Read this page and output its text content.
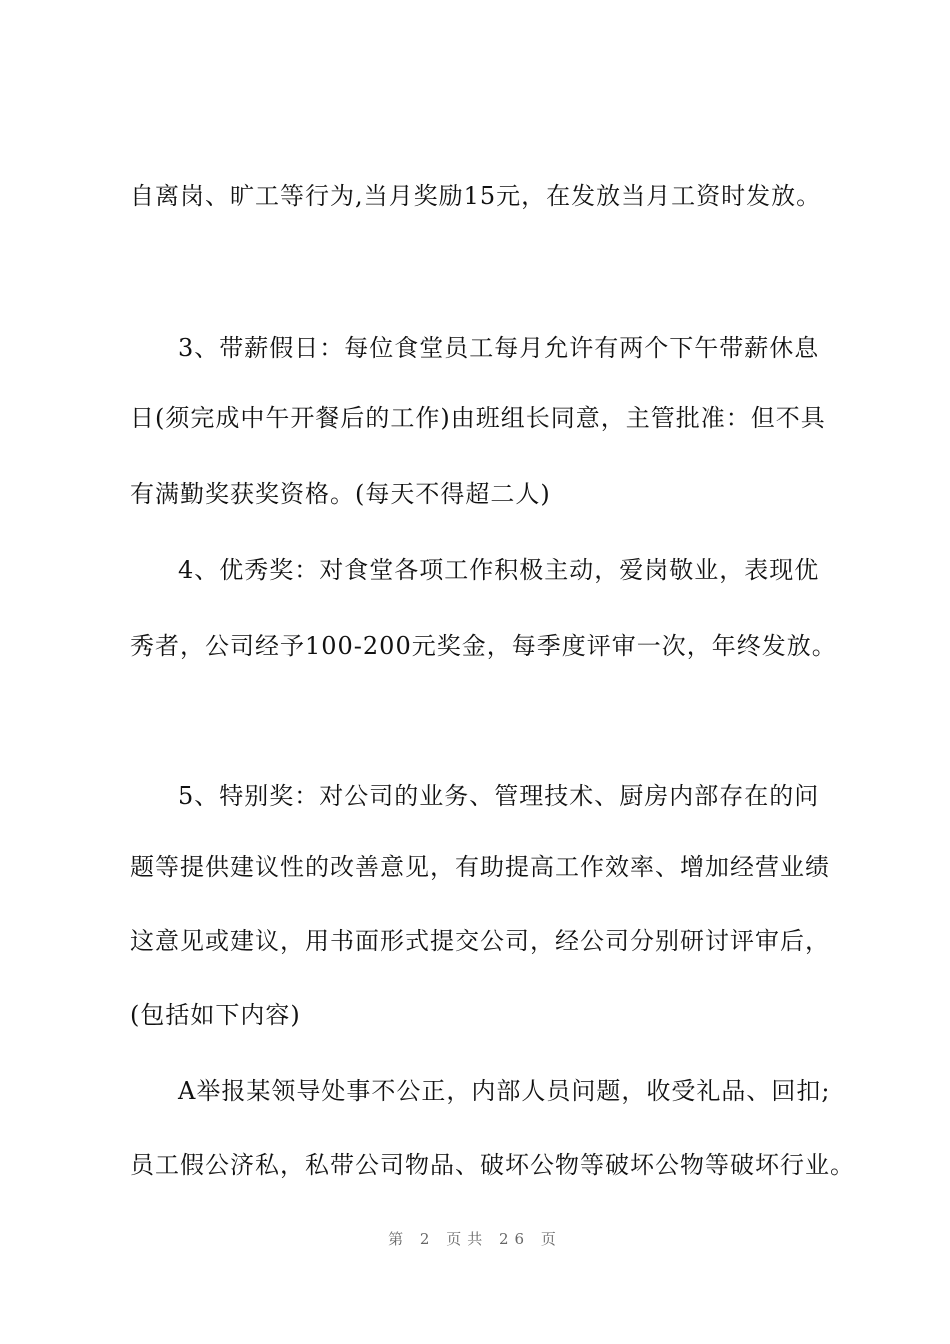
自离岗、旷工等行为,当月奖励15元，在发放当月工资时发放。
3、带薪假日：每位食堂员工每月允许有两个下午带薪休息
日(须完成中午开餐后的工作)由班组长同意，主管批准：但不具
有满勤奖获奖资格。(每天不得超二人)
4、优秀奖：对食堂各项工作积极主动，爱岗敬业，表现优
秀者，公司经予100-200元奖金，每季度评审一次，年终发放。
5、特别奖：对公司的业务、管理技术、厨房内部存在的问
题等提供建议性的改善意见，有助提高工作效率、增加经营业绩
这意见或建议，用书面形式提交公司，经公司分别研讨评审后，
(包括如下内容)
A举报某领导处事不公正，内部人员问题，收受礼品、回扣;
员工假公济私，私带公司物品、破坏公物等破坏公物等破坏行业。
第 2 页共 26 页
